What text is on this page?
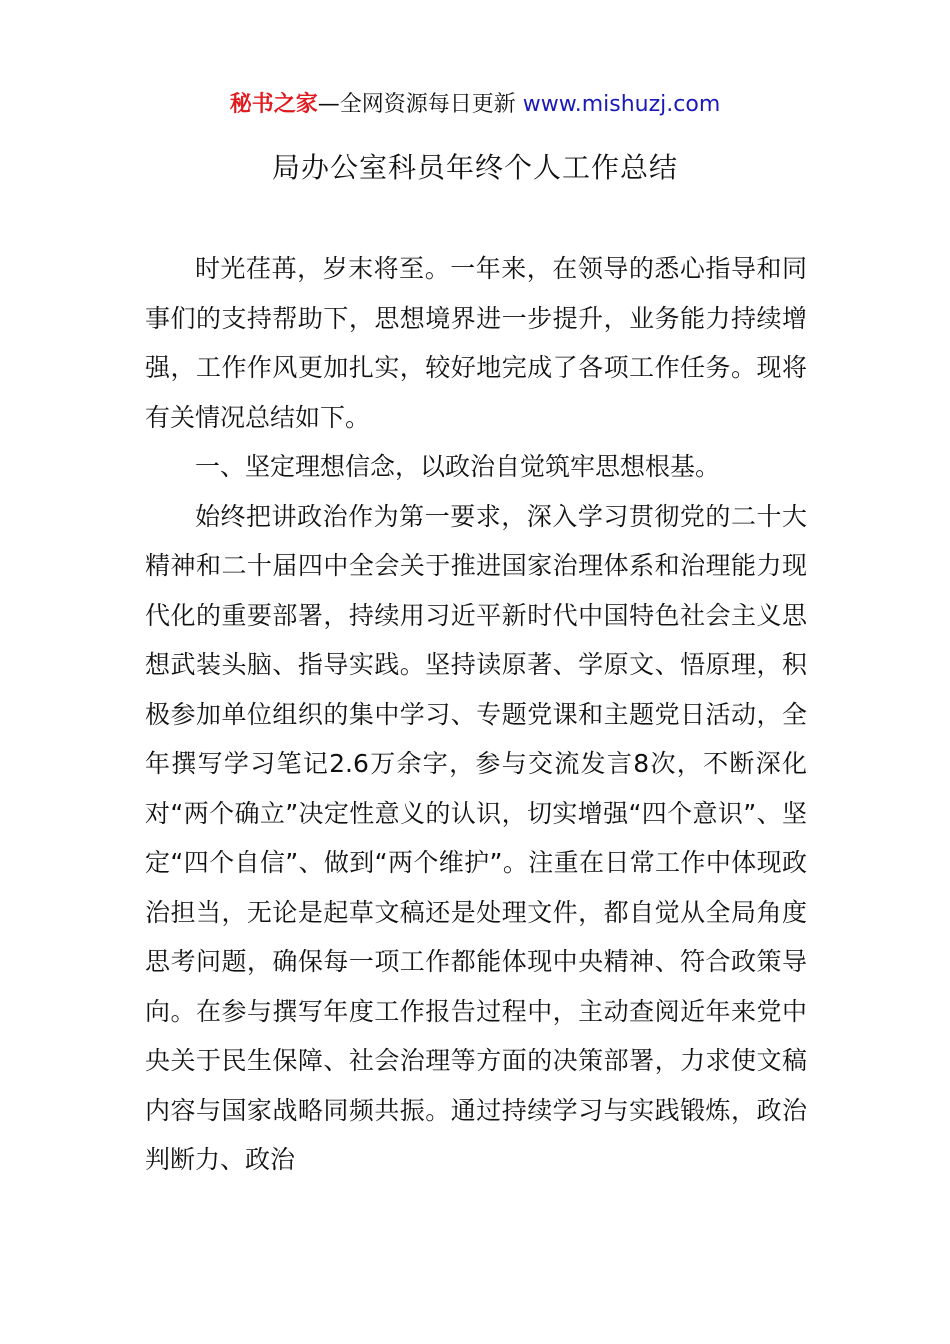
秘书之家—全网资源每日更新 www.mishuzj.com
局办公室科员年终个人工作总结

时光荏苒，岁末将至。一年来，在领导的悉心指导和同事们的支持帮助下，思想境界进一步提升，业务能力持续增强，工作作风更加扎实，较好地完成了各项工作任务。现将有关情况总结如下。

一、坚定理想信念，以政治自觉筑牢思想根基。

始终把讲政治作为第一要求，深入学习贯彻党的二十大精神和二十届四中全会关于推进国家治理体系和治理能力现代化的重要部署，持续用习近平新时代中国特色社会主义思想武装头脑、指导实践。坚持读原著、学原文、悟原理，积极参加单位组织的集中学习、专题党课和主题党日活动，全年撰写学习笔记2.6万余字，参与交流发言8次，不断深化对“两个确立”决定性意义的认识，切实增强“四个意识”、坚定“四个自信”、做到“两个维护”。注重在日常工作中体现政治担当，无论是起草文稿还是处理文件，都自觉从全局角度思考问题，确保每一项工作都能体现中央精神、符合政策导向。在参与撰写年度工作报告过程中，主动查阅近年来党中央关于民生保障、社会治理等方面的决策部署，力求使文稿内容与国家战略同频共振。通过持续学习与实践锻炼，政治判断力、政治
